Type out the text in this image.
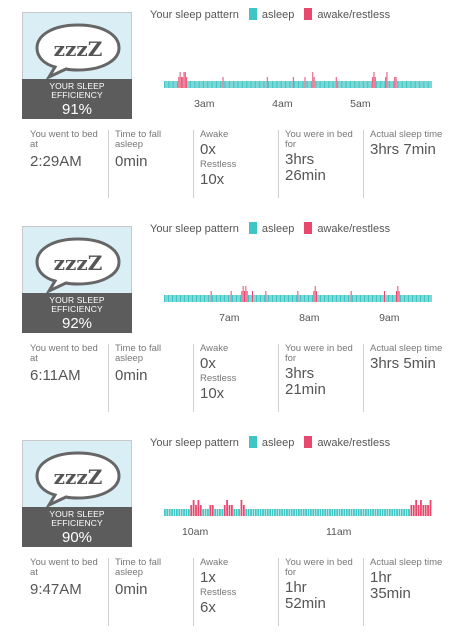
zzzZ
YOUR SLEEP EFFICIENCY
91%
Your sleep pattern asleep awake/restless
3am	4am	5am
You went to bed at
2:29AM
Time to fall asleep
0min
Awake
0x
Restless
10x
You were in bed for
3hrs
26min
Actual sleep time
3hrs 7min
zzzZ
YOUR SLEEP EFFICIENCY
92%
Your sleep pattern asleep awake/restless
7am	8am	9am
You went to bed at
6:11AM
Time to fall asleep
0min
Awake
0x
Restless
10x
You were in bed for
3hrs
21min
Actual sleep time
3hrs 5min
zzzZ
YOUR SLEEP EFFICIENCY
90%
Your sleep pattern asleep awake/restless
10am	11am
You went to bed at
9:47AM
Time to fall asleep
0min
Awake
1x
Restless
6x
You were in bed for
1hr
52min
Actual sleep time
1hr
35min
